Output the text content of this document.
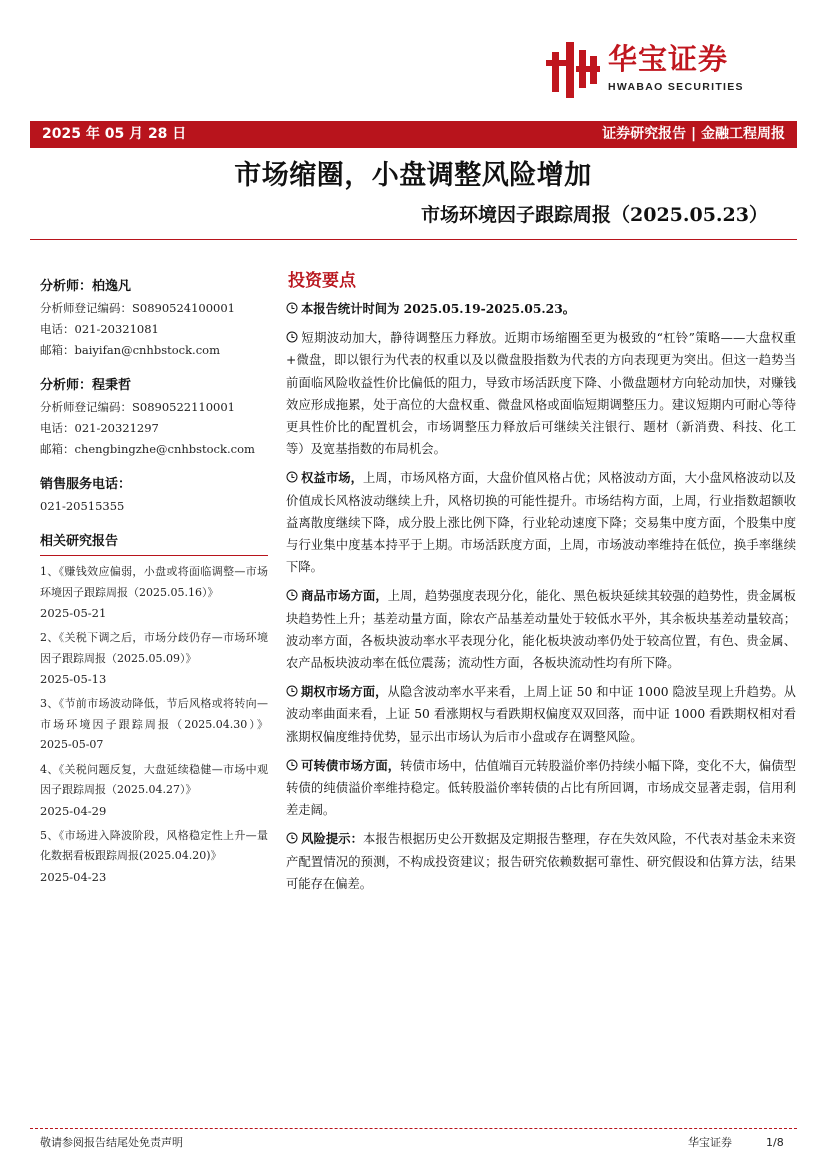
华宝证券
HWABAO SECURITIES
2025 年 05 月 28 日	证券研究报告 | 金融工程周报
市场缩圈，小盘调整风险增加
市场环境因子跟踪周报（2025.05.23）

分析师：柏逸凡

分析师登记编码：S0890524100001

电话：021-20321081

邮箱：baiyifan@cnhbstock.com

分析师：程秉哲

分析师登记编码：S0890522110001

电话：021-20321297

邮箱：chengbingzhe@cnhbstock.com

销售服务电话：

021-20515355

相关研究报告

1、《赚钱效应偏弱，小盘或将面临调整—市场环境因子跟踪周报（2025.05.16）》

2025-05-21

2、《关税下调之后，市场分歧仍存—市场环境因子跟踪周报（2025.05.09）》

2025-05-13

3、《节前市场波动降低，节后风格或将转向—市场环境因子跟踪周报（2025.04.30）》2025-05-07

4、《关税问题反复，大盘延续稳健—市场中观因子跟踪周报（2025.04.27）》

2025-04-29

5、《市场进入降波阶段，风格稳定性上升—量化数据看板跟踪周报(2025.04.20)》

2025-04-23

投资要点

本报告统计时间为 2025.05.19-2025.05.23。

短期波动加大，静待调整压力释放。近期市场缩圈至更为极致的“杠铃”策略——大盘权重+微盘，即以银行为代表的权重以及以微盘股指数为代表的方向表现更为突出。但这一趋势当前面临风险收益性价比偏低的阻力，导致市场活跃度下降、小微盘题材方向轮动加快，对赚钱效应形成拖累，处于高位的大盘权重、微盘风格或面临短期调整压力。建议短期内可耐心等待更具性价比的配置机会，市场调整压力释放后可继续关注银行、题材（新消费、科技、化工等）及宽基指数的布局机会。

权益市场，上周，市场风格方面，大盘价值风格占优；风格波动方面，大小盘风格波动以及价值成长风格波动继续上升，风格切换的可能性提升。市场结构方面，上周，行业指数超额收益离散度继续下降，成分股上涨比例下降，行业轮动速度下降；交易集中度方面，个股集中度与行业集中度基本持平于上期。市场活跃度方面，上周，市场波动率维持在低位，换手率继续下降。

商品市场方面，上周，趋势强度表现分化，能化、黑色板块延续其较强的趋势性，贵金属板块趋势性上升；基差动量方面，除农产品基差动量处于较低水平外，其余板块基差动量较高；波动率方面，各板块波动率水平表现分化，能化板块波动率仍处于较高位置，有色、贵金属、农产品板块波动率在低位震荡；流动性方面，各板块流动性均有所下降。

期权市场方面，从隐含波动率水平来看，上周上证 50 和中证 1000 隐波呈现上升趋势。从波动率曲面来看，上证 50 看涨期权与看跌期权偏度双双回落，而中证 1000 看跌期权相对看涨期权偏度维持优势，显示出市场认为后市小盘或存在调整风险。

可转债市场方面，转债市场中，估值端百元转股溢价率仍持续小幅下降，变化不大，偏债型转债的纯债溢价率维持稳定。低转股溢价率转债的占比有所回调，市场成交显著走弱，信用利差走阔。

风险提示：本报告根据历史公开数据及定期报告整理，存在失效风险，不代表对基金未来资产配置情况的预测，不构成投资建议；报告研究依赖数据可靠性、研究假设和估算方法，结果可能存在偏差。

敬请参阅报告结尾处免责声明	华宝证券	1/8
